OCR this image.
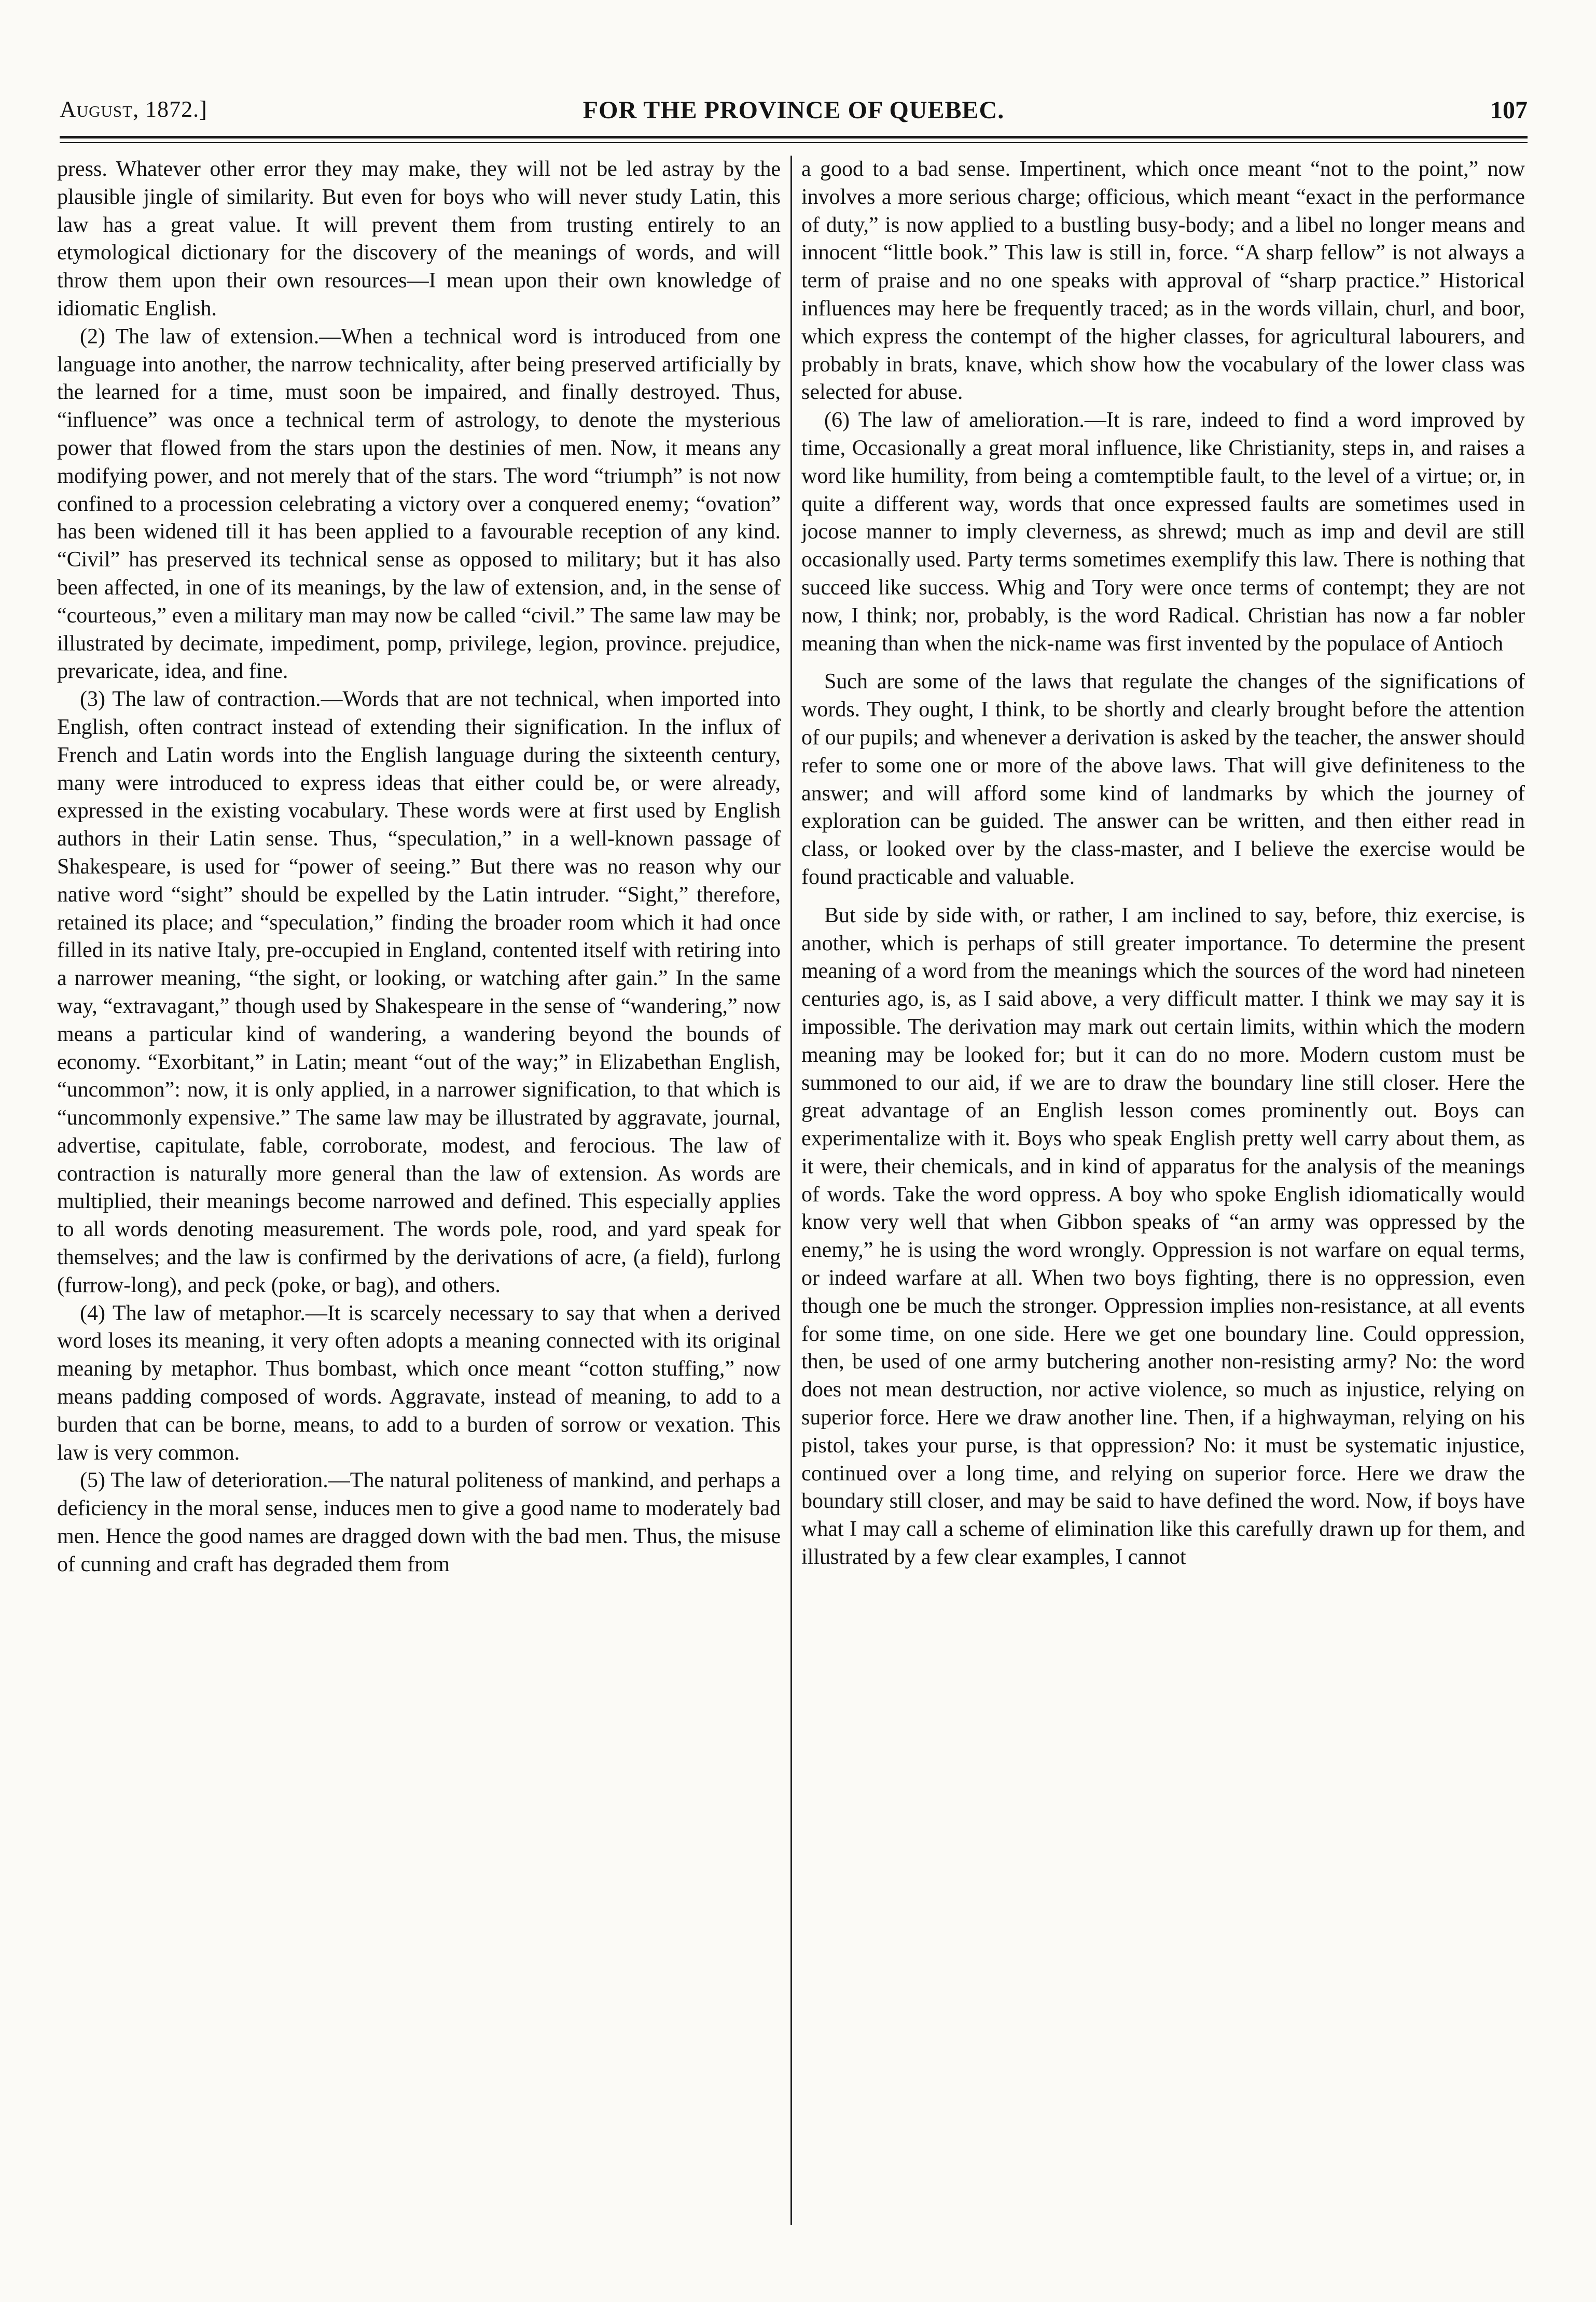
August, 1872.]	FOR THE PROVINCE OF QUEBEC.	107

press. Whatever other error they may make, they will not be led astray by the plausible jingle of similarity. But even for boys who will never study Latin, this law has a great value. It will prevent them from trusting entirely to an etymological dictionary for the discovery of the meanings of words, and will throw them upon their own resources—I mean upon their own knowledge of idiomatic English.

(2) The law of extension.—When a technical word is introduced from one language into another, the narrow technicality, after being preserved artificially by the learned for a time, must soon be impaired, and finally destroyed. Thus, “influence” was once a technical term of astrology, to denote the mysterious power that flowed from the stars upon the destinies of men. Now, it means any modifying power, and not merely that of the stars. The word “triumph” is not now confined to a procession celebrating a victory over a conquered enemy; “ovation” has been widened till it has been applied to a favourable reception of any kind. “Civil” has preserved its technical sense as opposed to military; but it has also been affected, in one of its meanings, by the law of extension, and, in the sense of “courteous,” even a military man may now be called “civil.” The same law may be illustrated by decimate, impediment, pomp, privilege, legion, province. prejudice, prevaricate, idea, and fine.

(3) The law of contraction.—Words that are not technical, when imported into English, often contract instead of extending their signification. In the influx of French and Latin words into the English language during the sixteenth century, many were introduced to express ideas that either could be, or were already, expressed in the existing vocabulary. These words were at first used by English authors in their Latin sense. Thus, “speculation,” in a well-known passage of Shakespeare, is used for “power of seeing.” But there was no reason why our native word “sight” should be expelled by the Latin intruder. “Sight,” therefore, retained its place; and “speculation,” finding the broader room which it had once filled in its native Italy, pre-occupied in England, contented itself with retiring into a narrower meaning, “the sight, or looking, or watching after gain.” In the same way, “extravagant,” though used by Shakespeare in the sense of “wandering,” now means a particular kind of wandering, a wandering beyond the bounds of economy. “Exorbitant,” in Latin; meant “out of the way;” in Elizabethan English, “uncommon”: now, it is only applied, in a narrower signification, to that which is “uncommonly expensive.” The same law may be illustrated by aggravate, journal, advertise, capitulate, fable, corroborate, modest, and ferocious. The law of contraction is naturally more general than the law of extension. As words are multiplied, their meanings become narrowed and defined. This especially applies to all words denoting measurement. The words pole, rood, and yard speak for themselves; and the law is confirmed by the derivations of acre, (a field), furlong (furrow-long), and peck (poke, or bag), and others.

(4) The law of metaphor.—It is scarcely necessary to say that when a derived word loses its meaning, it very often adopts a meaning connected with its original meaning by metaphor. Thus bombast, which once meant “cotton stuffing,” now means padding composed of words. Aggravate, instead of meaning, to add to a burden that can be borne, means, to add to a burden of sorrow or vexation. This law is very common.

(5) The law of deterioration.—The natural politeness of mankind, and perhaps a deficiency in the moral sense, induces men to give a good name to moderately bad men. Hence the good names are dragged down with the bad men. Thus, the misuse of cunning and craft has degraded them from

a good to a bad sense. Impertinent, which once meant “not to the point,” now involves a more serious charge; officious, which meant “exact in the performance of duty,” is now applied to a bustling busy-body; and a libel no longer means and innocent “little book.” This law is still in, force. “A sharp fellow” is not always a term of praise and no one speaks with approval of “sharp practice.” Historical influences may here be frequently traced; as in the words villain, churl, and boor, which express the contempt of the higher classes, for agricultural labourers, and probably in brats, knave, which show how the vocabulary of the lower class was selected for abuse.

(6) The law of amelioration.—It is rare, indeed to find a word improved by time, Occasionally a great moral influence, like Christianity, steps in, and raises a word like humility, from being a comtemptible fault, to the level of a virtue; or, in quite a different way, words that once expressed faults are sometimes used in jocose manner to imply cleverness, as shrewd; much as imp and devil are still occasionally used. Party terms sometimes exemplify this law. There is nothing that succeed like success. Whig and Tory were once terms of contempt; they are not now, I think; nor, probably, is the word Radical. Christian has now a far nobler meaning than when the nick-name was first invented by the populace of Antioch

Such are some of the laws that regulate the changes of the significations of words. They ought, I think, to be shortly and clearly brought before the attention of our pupils; and whenever a derivation is asked by the teacher, the answer should refer to some one or more of the above laws. That will give definiteness to the answer; and will afford some kind of landmarks by which the journey of exploration can be guided. The answer can be written, and then either read in class, or looked over by the class-master, and I believe the exercise would be found practicable and valuable.

But side by side with, or rather, I am inclined to say, before, thiz exercise, is another, which is perhaps of still greater importance. To determine the present meaning of a word from the meanings which the sources of the word had nineteen centuries ago, is, as I said above, a very difficult matter. I think we may say it is impossible. The derivation may mark out certain limits, within which the modern meaning may be looked for; but it can do no more. Modern custom must be summoned to our aid, if we are to draw the boundary line still closer. Here the great advantage of an English lesson comes prominently out. Boys can experimentalize with it. Boys who speak English pretty well carry about them, as it were, their chemicals, and in kind of apparatus for the analysis of the meanings of words. Take the word oppress. A boy who spoke English idiomatically would know very well that when Gibbon speaks of “an army was oppressed by the enemy,” he is using the word wrongly. Oppression is not warfare on equal terms, or indeed warfare at all. When two boys fighting, there is no oppression, even though one be much the stronger. Oppression implies non-resistance, at all events for some time, on one side. Here we get one boundary line. Could oppression, then, be used of one army butchering another non-resisting army? No: the word does not mean destruction, nor active violence, so much as injustice, relying on superior force. Here we draw another line. Then, if a highwayman, relying on his pistol, takes your purse, is that oppression? No: it must be systematic injustice, continued over a long time, and relying on superior force. Here we draw the boundary still closer, and may be said to have defined the word. Now, if boys have what I may call a scheme of elimination like this carefully drawn up for them, and illustrated by a few clear examples, I cannot
